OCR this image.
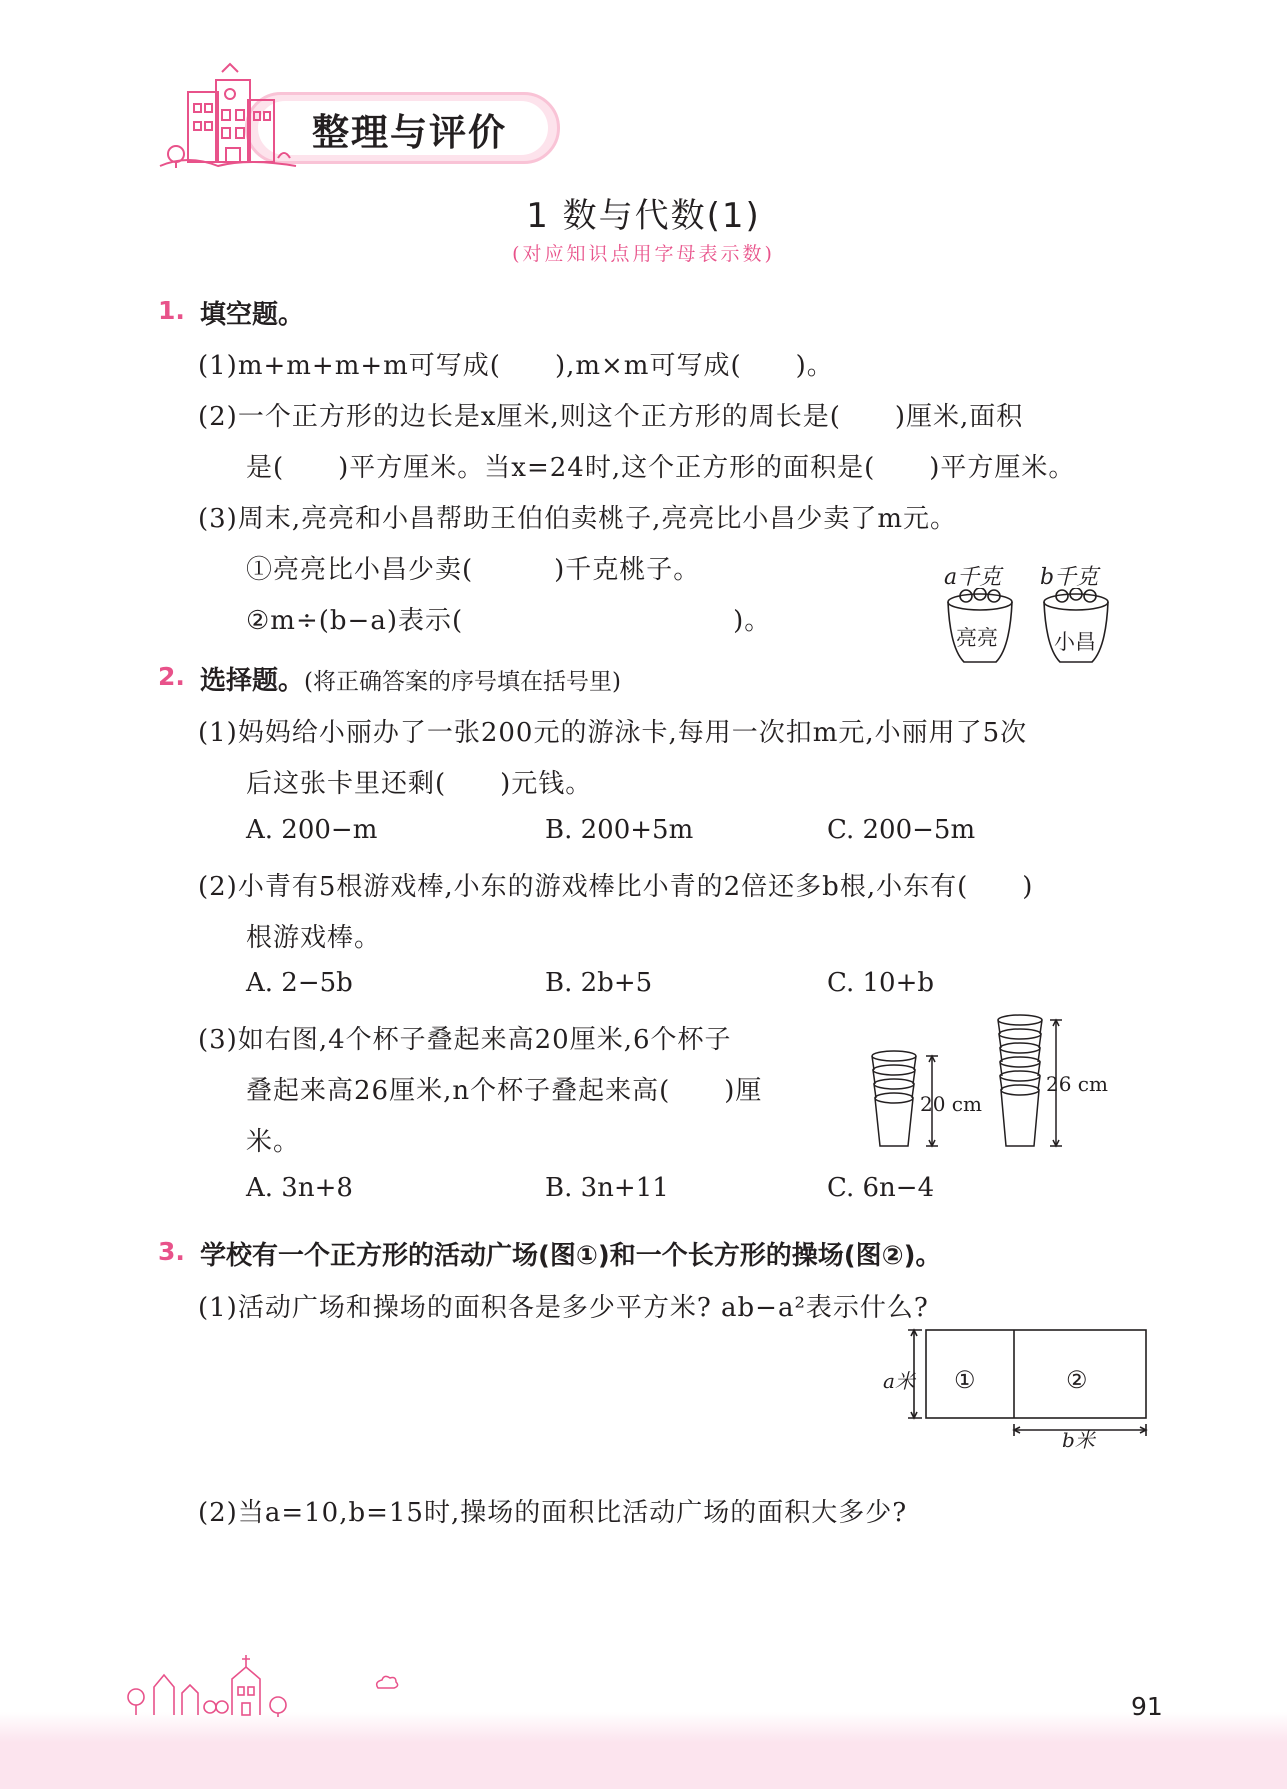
整理与评价
1 数与代数(1)
(对应知识点用字母表示数)
1. 填空题。
(1)m+m+m+m可写成(　　),m×m可写成(　　)。
(2)一个正方形的边长是x厘米,则这个正方形的周长是(　　)厘米,面积
是(　　)平方厘米。当x=24时,这个正方形的面积是(　　)平方厘米。
(3)周末,亮亮和小昌帮助王伯伯卖桃子,亮亮比小昌少卖了m元。
①亮亮比小昌少卖(　　　)千克桃子。
②m÷(b−a)表示(　　　　　　　　　　)。
a千克 b千克
亮亮	小昌
2. 选择题。(将正确答案的序号填在括号里)
(1)妈妈给小丽办了一张200元的游泳卡,每用一次扣m元,小丽用了5次
后这张卡里还剩(　　)元钱。
A. 200−m	B. 200+5m	C. 200−5m
(2)小青有5根游戏棒,小东的游戏棒比小青的2倍还多b根,小东有(　　)
根游戏棒。
A. 2−5b	B. 2b+5	C. 10+b
(3)如右图,4个杯子叠起来高20厘米,6个杯子
叠起来高26厘米,n个杯子叠起来高(　　)厘
米。
A. 3n+8	B. 3n+11	C. 6n−4
20 cm
26 cm
3. 学校有一个正方形的活动广场(图①)和一个长方形的操场(图②)。
(1)活动广场和操场的面积各是多少平方米? ab−a²表示什么?
a米
b米
①	②
(2)当a=10,b=15时,操场的面积比活动广场的面积大多少?
91
